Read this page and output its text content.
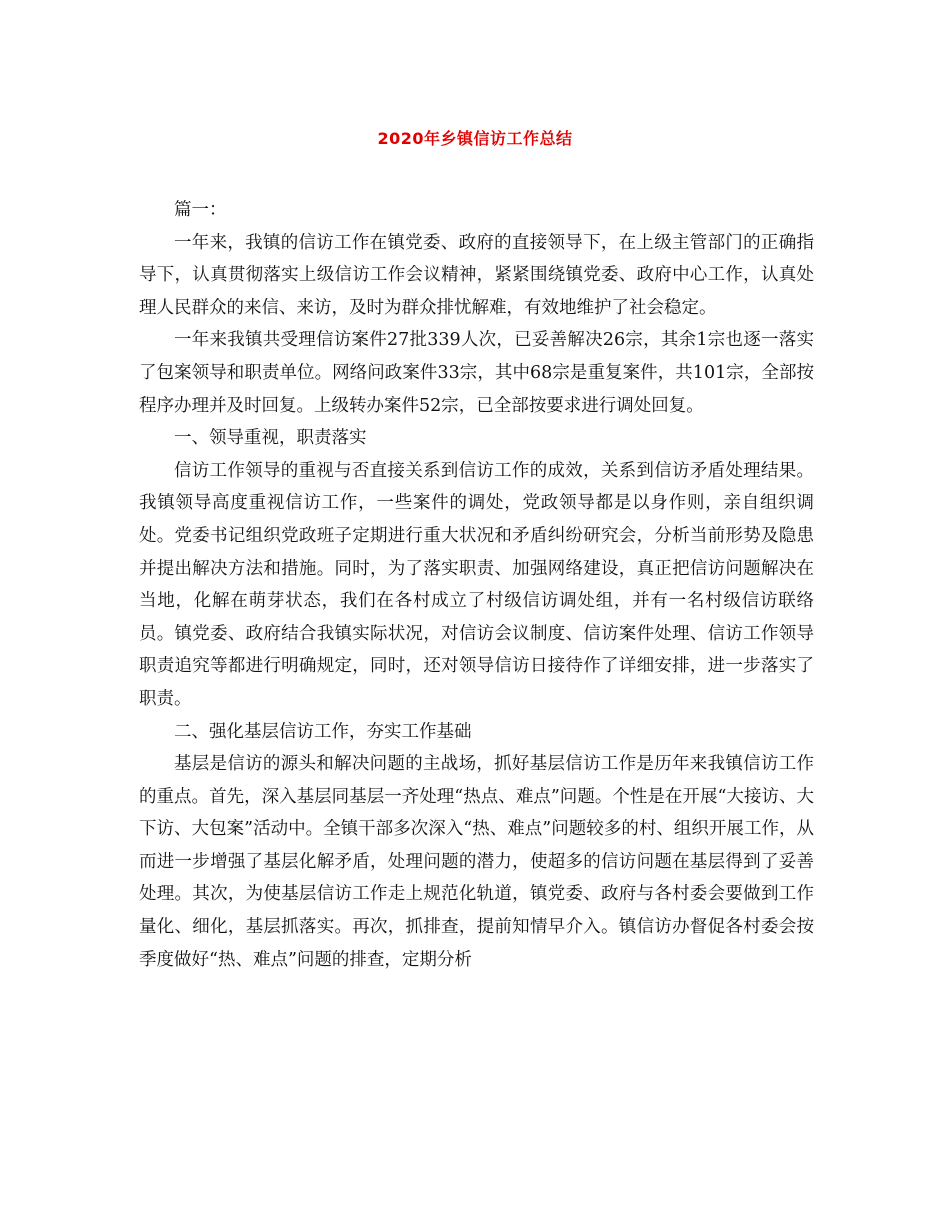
2020年乡镇信访工作总结

篇一：

一年来，我镇的信访工作在镇党委、政府的直接领导下，在上级主管部门的正确指导下，认真贯彻落实上级信访工作会议精神，紧紧围绕镇党委、政府中心工作，认真处理人民群众的来信、来访，及时为群众排忧解难，有效地维护了社会稳定。

一年来我镇共受理信访案件27批339人次，已妥善解决26宗，其余1宗也逐一落实了包案领导和职责单位。网络问政案件33宗，其中68宗是重复案件，共101宗，全部按程序办理并及时回复。上级转办案件52宗，已全部按要求进行调处回复。

一、领导重视，职责落实

信访工作领导的重视与否直接关系到信访工作的成效，关系到信访矛盾处理结果。我镇领导高度重视信访工作，一些案件的调处，党政领导都是以身作则，亲自组织调处。党委书记组织党政班子定期进行重大状况和矛盾纠纷研究会，分析当前形势及隐患并提出解决方法和措施。同时，为了落实职责、加强网络建设，真正把信访问题解决在当地，化解在萌芽状态，我们在各村成立了村级信访调处组，并有一名村级信访联络员。镇党委、政府结合我镇实际状况，对信访会议制度、信访案件处理、信访工作领导职责追究等都进行明确规定，同时，还对领导信访日接待作了详细安排，进一步落实了职责。

二、强化基层信访工作，夯实工作基础

基层是信访的源头和解决问题的主战场，抓好基层信访工作是历年来我镇信访工作的重点。首先，深入基层同基层一齐处理“热点、难点”问题。个性是在开展“大接访、大下访、大包案”活动中。全镇干部多次深入“热、难点”问题较多的村、组织开展工作，从而进一步增强了基层化解矛盾，处理问题的潜力，使超多的信访问题在基层得到了妥善处理。其次，为使基层信访工作走上规范化轨道，镇党委、政府与各村委会要做到工作量化、细化，基层抓落实。再次，抓排查，提前知情早介入。镇信访办督促各村委会按季度做好“热、难点”问题的排查，定期分析
